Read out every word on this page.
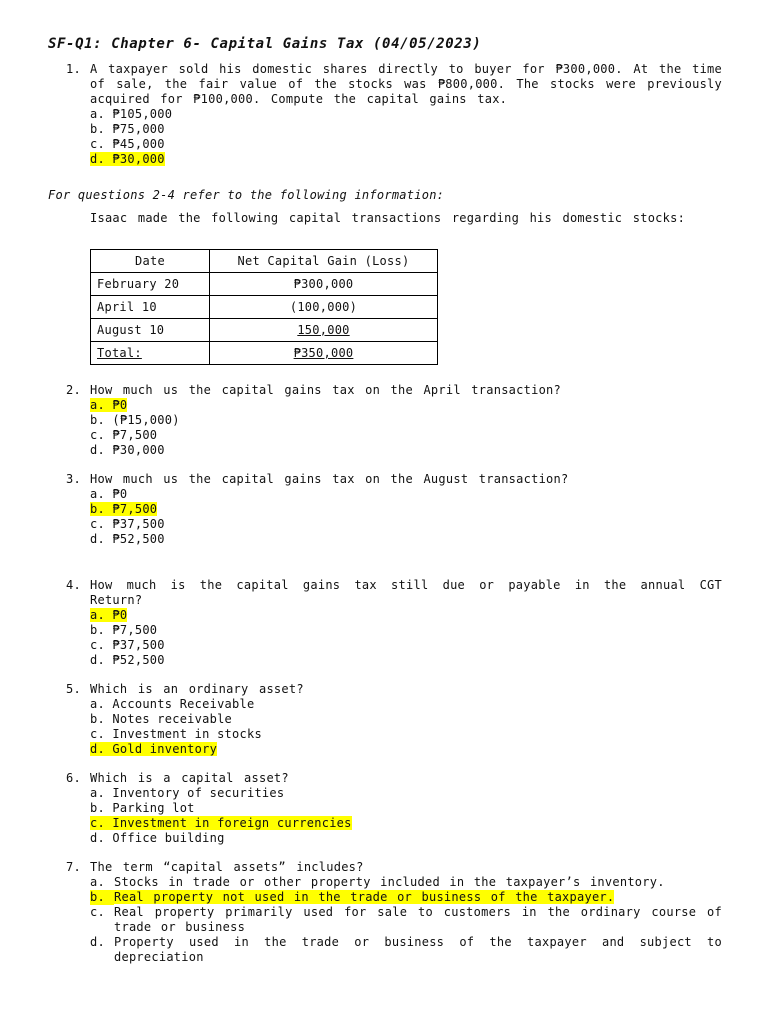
SF-Q1: Chapter 6- Capital Gains Tax (04/05/2023)
1. A taxpayer sold his domestic shares directly to buyer for ₱300,000. At the time of sale, the fair value of the stocks was ₱800,000. The stocks were previously acquired for ₱100,000. Compute the capital gains tax.
a. ₱105,000
b. ₱75,000
c. ₱45,000
d. ₱30,000
For questions 2-4 refer to the following information:
Isaac made the following capital transactions regarding his domestic stocks:
Date	Net Capital Gain (Loss)
February 20	₱300,000
April 10	(100,000)
August 10	150,000
Total:	₱350,000
2. How much us the capital gains tax on the April transaction?
a. ₱0
b. (₱15,000)
c. ₱7,500
d. ₱30,000
3. How much us the capital gains tax on the August transaction?
a. ₱0
b. ₱7,500
c. ₱37,500
d. ₱52,500
4. How much is the capital gains tax still due or payable in the annual CGT Return?
a. ₱0
b. ₱7,500
c. ₱37,500
d. ₱52,500
5. Which is an ordinary asset?
a. Accounts Receivable
b. Notes receivable
c. Investment in stocks
d. Gold inventory
6. Which is a capital asset?
a. Inventory of securities
b. Parking lot
c. Investment in foreign currencies
d. Office building
7. The term “capital assets” includes?
a. Stocks in trade or other property included in the taxpayer’s inventory.
b. Real property not used in the trade or business of the taxpayer.
c. Real property primarily used for sale to customers in the ordinary course of trade or business
d. Property used in the trade or business of the taxpayer and subject to depreciation
